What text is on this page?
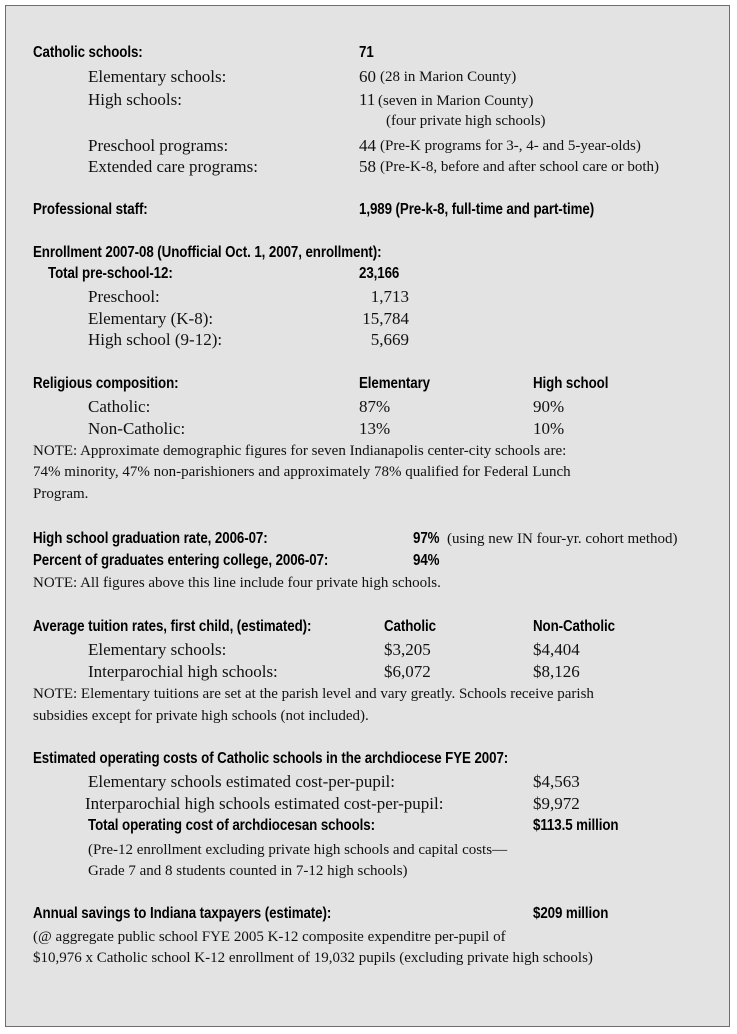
Catholic schools:	71
Elementary schools:	60 (28 in Marion County)
High schools:	11 (seven in Marion County)
(four private high schools)
Preschool programs:	44 (Pre-K programs for 3-, 4- and 5-year-olds)
Extended care programs:	58 (Pre-K-8, before and after school care or both)
Professional staff:	1,989 (Pre-k-8, full-time and part-time)
Enrollment 2007-08 (Unofficial Oct. 1, 2007, enrollment):
Total pre-school-12:	23,166
Preschool:	1,713
Elementary (K-8):	15,784
High school (9-12):	5,669
Religious composition:	Elementary	High school
Catholic:	87%	90%
Non-Catholic:	13%	10%
NOTE: Approximate demographic figures for seven Indianapolis center-city schools are:
74% minority, 47% non-parishioners and approximately 78% qualified for Federal Lunch
Program.
High school graduation rate, 2006-07:	97% (using new IN four-yr. cohort method)
Percent of graduates entering college, 2006-07:	94%
NOTE: All figures above this line include four private high schools.
Average tuition rates, first child, (estimated):	Catholic	Non-Catholic
Elementary schools:	$3,205	$4,404
Interparochial high schools:	$6,072	$8,126
NOTE: Elementary tuitions are set at the parish level and vary greatly. Schools receive parish
subsidies except for private high schools (not included).
Estimated operating costs of Catholic schools in the archdiocese FYE 2007:
Elementary schools estimated cost-per-pupil:	$4,563
Interparochial high schools estimated cost-per-pupil:	$9,972
Total operating cost of archdiocesan schools:	$113.5 million
(Pre-12 enrollment excluding private high schools and capital costs—
Grade 7 and 8 students counted in 7-12 high schools)
Annual savings to Indiana taxpayers (estimate):	$209 million
(@ aggregate public school FYE 2005 K-12 composite expenditre per-pupil of
$10,976 x Catholic school K-12 enrollment of 19,032 pupils (excluding private high schools)
